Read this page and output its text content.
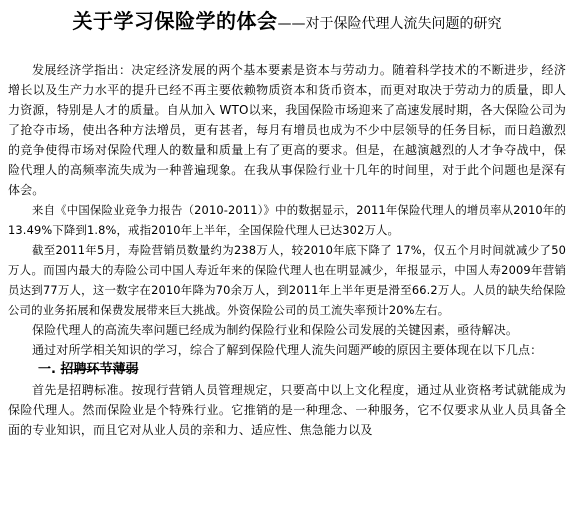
关于学习保险学的体会——对于保险代理人流失问题的研究

发展经济学指出：决定经济发展的两个基本要素是资本与劳动力。随着科学技术的不断进步，经济增长以及生产力水平的提升已经不再主要依赖物质资本和货币资本，而更对取决于劳动力的质量，即人力资源，特别是人才的质量。自从加入 WTO以来，我国保险市场迎来了高速发展时期，各大保险公司为了抢夺市场，使出各种方法增员，更有甚者，每月有增员也成为不少中层领导的任务目标，而日趋激烈的竞争使得市场对保险代理人的数量和质量上有了更高的要求。但是，在越演越烈的人才争夺战中，保险代理人的高频率流失成为一种普遍现象。在我从事保险行业十几年的时间里，对于此个问题也是深有体会。

来自《中国保险业竞争力报告（2010-2011）》中的数据显示，2011年保险代理人的增员率从2010年的13.49%下降到1.8%，戒指2010年上半年，全国保险代理人已达302万人。

截至2011年5月，寿险营销员数量约为238万人，较2010年底下降了 17%，仅五个月时间就减少了50万人。而国内最大的寿险公司中国人寿近年来的保险代理人也在明显减少，年报显示，中国人寿2009年营销员达到77万人，这一数字在2010年降为70余万人，到2011年上半年更是滑至66.2万人。人员的缺失给保险公司的业务拓展和保费发展带来巨大挑战。外资保险公司的员工流失率预计20%左右。

保险代理人的高流失率问题已经成为制约保险行业和保险公司发展的关键因素，亟待解决。

通过对所学相关知识的学习，综合了解到保险代理人流失问题严峻的原因主要体现在以下几点：

一. 招聘环节薄弱

首先是招聘标准。按现行营销人员管理规定，只要高中以上文化程度，通过从业资格考试就能成为保险代理人。然而保险业是个特殊行业。它推销的是一种理念、一种服务，它不仅要求从业人员具备全面的专业知识，而且它对从业人员的亲和力、适应性、焦急能力以及
